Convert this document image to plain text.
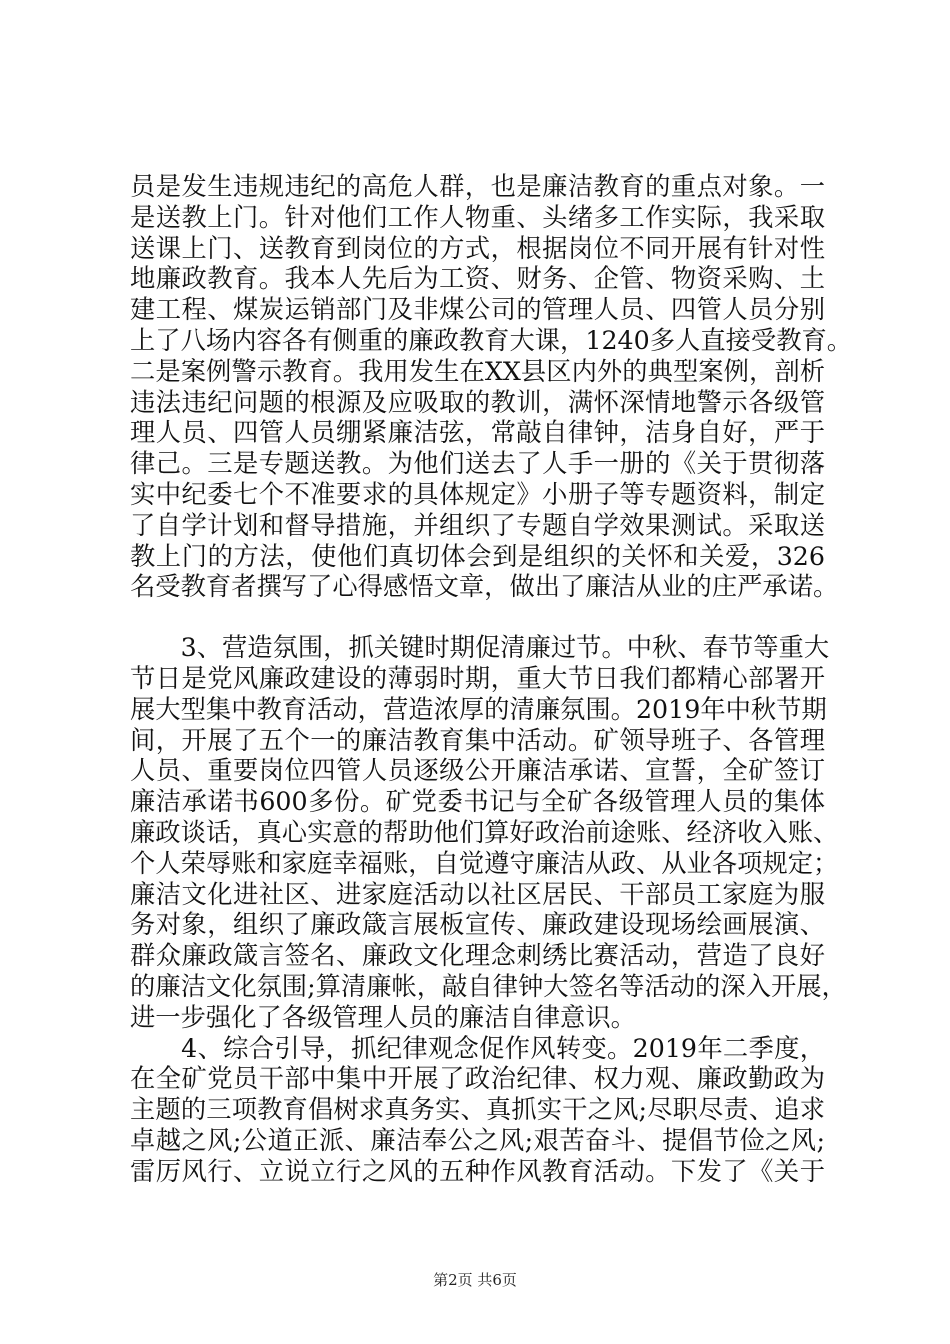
员是发生违规违纪的高危人群，也是廉洁教育的重点对象。一
是送教上门。针对他们工作人物重、头绪多工作实际，我采取
送课上门、送教育到岗位的方式，根据岗位不同开展有针对性
地廉政教育。我本人先后为工资、财务、企管、物资采购、土
建工程、煤炭运销部门及非煤公司的管理人员、四管人员分别
上了八场内容各有侧重的廉政教育大课，1240多人直接受教育。
二是案例警示教育。我用发生在XX县区内外的典型案例，剖析
违法违纪问题的根源及应吸取的教训，满怀深情地警示各级管
理人员、四管人员绷紧廉洁弦，常敲自律钟，洁身自好，严于
律己。三是专题送教。为他们送去了人手一册的《关于贯彻落
实中纪委七个不准要求的具体规定》小册子等专题资料，制定
了自学计划和督导措施，并组织了专题自学效果测试。采取送
教上门的方法，使他们真切体会到是组织的关怀和关爱，326
名受教育者撰写了心得感悟文章，做出了廉洁从业的庄严承诺。
　　3、营造氛围，抓关键时期促清廉过节。中秋、春节等重大
节日是党风廉政建设的薄弱时期，重大节日我们都精心部署开
展大型集中教育活动，营造浓厚的清廉氛围。2019年中秋节期
间，开展了五个一的廉洁教育集中活动。矿领导班子、各管理
人员、重要岗位四管人员逐级公开廉洁承诺、宣誓，全矿签订
廉洁承诺书600多份。矿党委书记与全矿各级管理人员的集体
廉政谈话，真心实意的帮助他们算好政治前途账、经济收入账、
个人荣辱账和家庭幸福账，自觉遵守廉洁从政、从业各项规定；
廉洁文化进社区、进家庭活动以社区居民、干部员工家庭为服
务对象，组织了廉政箴言展板宣传、廉政建设现场绘画展演、
群众廉政箴言签名、廉政文化理念刺绣比赛活动，营造了良好
的廉洁文化氛围;算清廉帐，敲自律钟大签名等活动的深入开展，
进一步强化了各级管理人员的廉洁自律意识。
　　4、综合引导，抓纪律观念促作风转变。2019年二季度，
在全矿党员干部中集中开展了政治纪律、权力观、廉政勤政为
主题的三项教育倡树求真务实、真抓实干之风;尽职尽责、追求
卓越之风;公道正派、廉洁奉公之风;艰苦奋斗、提倡节俭之风;
雷厉风行、立说立行之风的五种作风教育活动。下发了《关于
第2页 共6页
